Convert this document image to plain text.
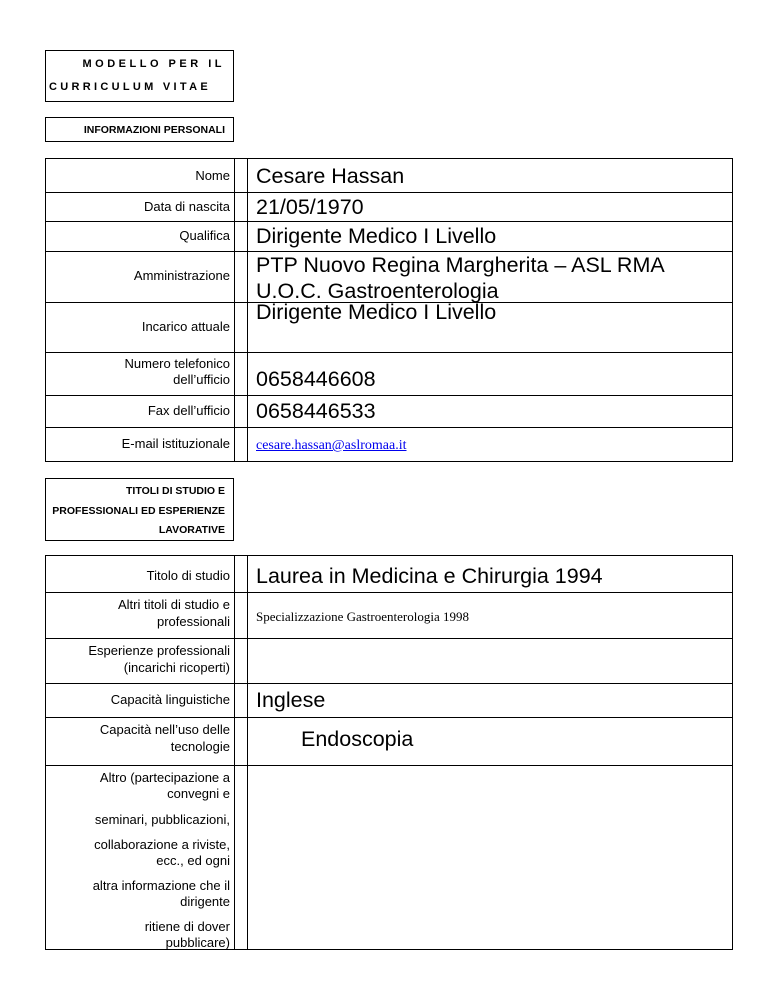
MODELLO PER IL
CURRICULUM VITAE
INFORMAZIONI PERSONALI
Nome Cesare Hassan
Data di nascita 21/05/1970
Qualifica Dirigente Medico I Livello
Amministrazione PTP Nuovo Regina Margherita – ASL RMA
Incarico attuale
U.O.C. Gastroenterologia
Dirigente Medico I Livello
Numero telefonico dell’ufficio 0658446608
Fax dell’ufficio 0658446533
E-mail istituzionale cesare.hassan@aslromaa.it
TITOLI DI STUDIO E
PROFESSIONALI ED ESPERIENZE
LAVORATIVE
Titolo di studio Laurea in Medicina e Chirurgia 1994
Altri titoli di studio e
professionali Specializzazione Gastroenterologia 1998
Esperienze professionali
(incarichi ricoperti)
Capacità linguistiche Inglese
Capacità nell’uso delle
tecnologie	Endoscopia
Altro (partecipazione a
convegni e
seminari, pubblicazioni,
collaborazione a riviste,
ecc., ed ogni
altra informazione che il
dirigente
ritiene di dover
pubblicare)
